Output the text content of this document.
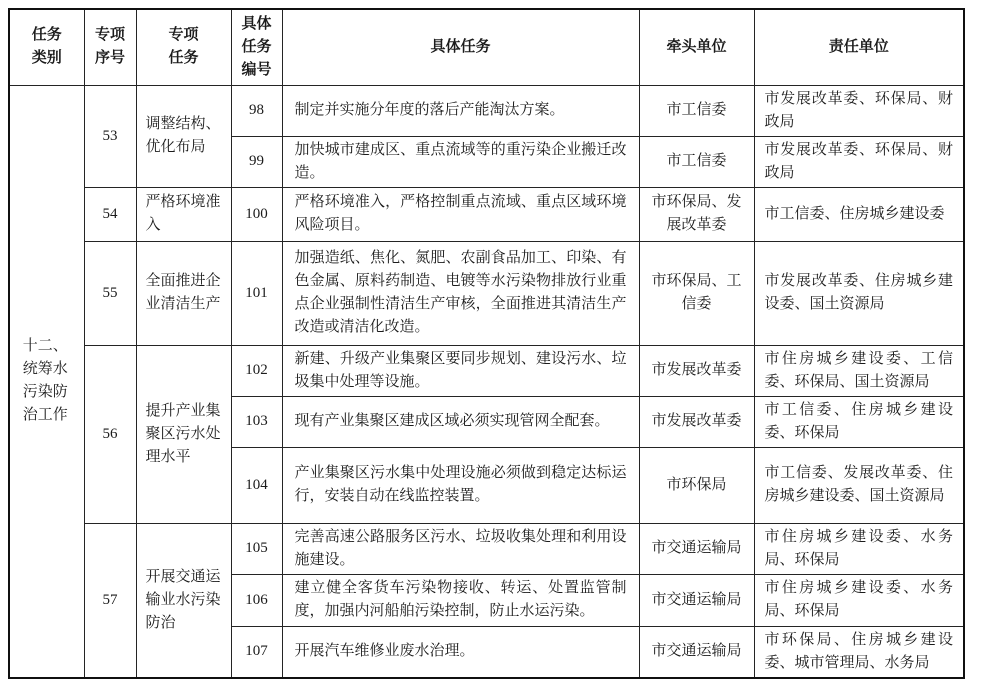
任务类别	专项序号	专项任务	具体任务编号	具体任务	牵头单位	责任单位

十二、统筹水污染防治工作	53	调整结构、优化布局	98	制定并实施分年度的落后产能淘汰方案。	市工信委	市发展改革委、环保局、财政局
			99	加快城市建成区、重点流域等的重污染企业搬迁改造。	市工信委	市发展改革委、环保局、财政局
	54	严格环境准入	100	严格环境准入，严格控制重点流域、重点区域环境风险项目。	市环保局、发展改革委	市工信委、住房城乡建设委
	55	全面推进企业清洁生产	101	加强造纸、焦化、氮肥、农副食品加工、印染、有色金属、原料药制造、电镀等水污染物排放行业重点企业强制性清洁生产审核，全面推进其清洁生产改造或清洁化改造。	市环保局、工信委	市发展改革委、住房城乡建设委、国土资源局
	56	提升产业集聚区污水处理水平	102	新建、升级产业集聚区要同步规划、建设污水、垃圾集中处理等设施。	市发展改革委	市住房城乡建设委、工信委、环保局、国土资源局
			103	现有产业集聚区建成区域必须实现管网全配套。	市发展改革委	市工信委、住房城乡建设委、环保局
			104	产业集聚区污水集中处理设施必须做到稳定达标运行，安装自动在线监控装置。	市环保局	市工信委、发展改革委、住房城乡建设委、国土资源局
	57	开展交通运输业水污染防治	105	完善高速公路服务区污水、垃圾收集处理和利用设施建设。	市交通运输局	市住房城乡建设委、水务局、环保局
			106	建立健全客货车污染物接收、转运、处置监管制度，加强内河船舶污染控制，防止水运污染。	市交通运输局	市住房城乡建设委、水务局、环保局
			107	开展汽车维修业废水治理。	市交通运输局	市环保局、住房城乡建设委、城市管理局、水务局
